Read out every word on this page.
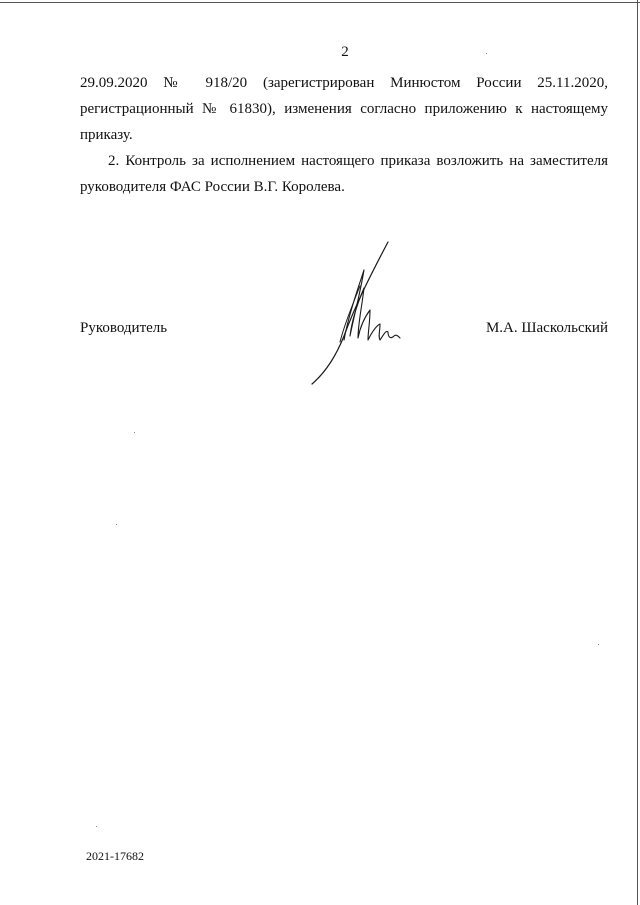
2
29.09.2020 № 918/20 (зарегистрирован Минюстом России 25.11.2020,
регистрационный № 61830), изменения согласно приложению к настоящему
приказу.
2. Контроль за исполнением настоящего приказа возложить на заместителя
руководителя ФАС России В.Г. Королева.
Руководитель	М.А. Шаскольский
2021-17682
